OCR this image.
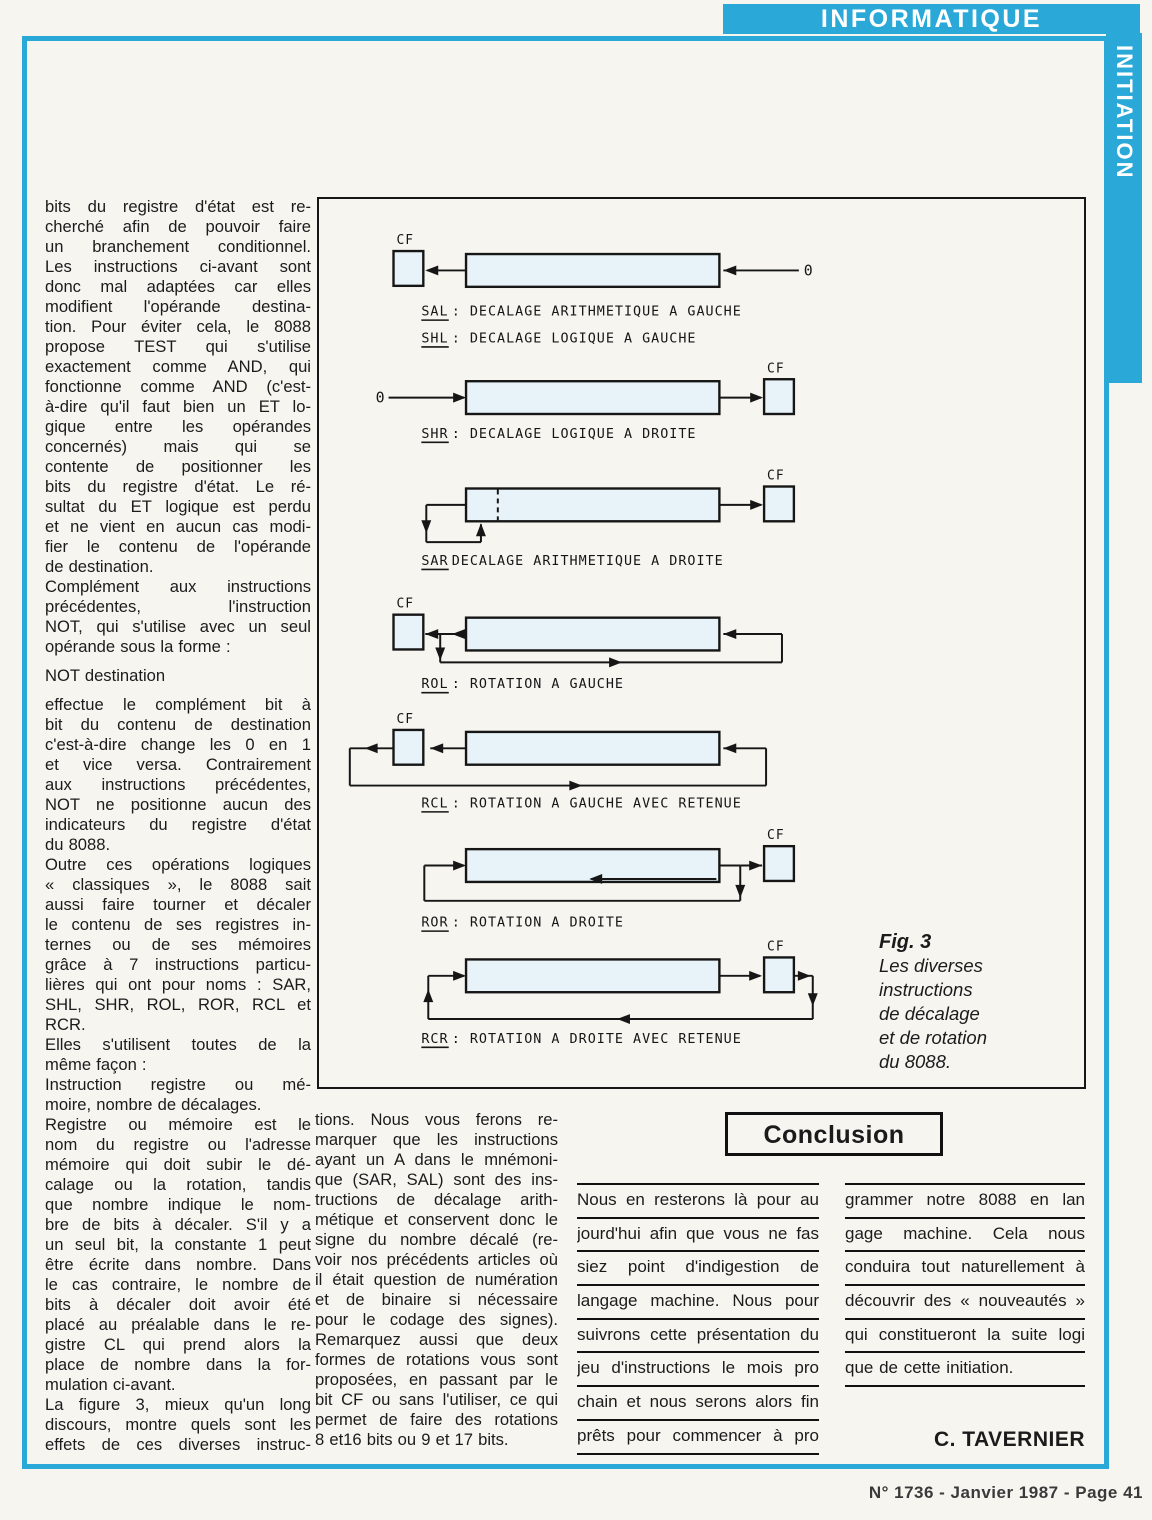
INFORMATIQUE
INITIATION
bits du registre d'état est re-
cherché afin de pouvoir faire
un branchement conditionnel.
Les instructions ci-avant sont
donc mal adaptées car elles
modifient l'opérande destina-
tion. Pour éviter cela, le 8088
propose TEST qui s'utilise
exactement comme AND, qui
fonctionne comme AND (c'est-
à-dire qu'il faut bien un ET lo-
gique entre les opérandes
concernés) mais qui se
contente de positionner les
bits du registre d'état. Le ré-
sultat du ET logique est perdu
et ne vient en aucun cas modi-
fier le contenu de l'opérande
de destination.
Complément aux instructions
précédentes, l'instruction
NOT, qui s'utilise avec un seul
opérande sous la forme :
NOT destination
effectue le complément bit à
bit du contenu de destination
c'est-à-dire change les 0 en 1
et vice versa. Contrairement
aux instructions précédentes,
NOT ne positionne aucun des
indicateurs du registre d'état
du 8088.
Outre ces opérations logiques
« classiques », le 8088 sait
aussi faire tourner et décaler
le contenu de ses registres in-
ternes ou de ses mémoires
grâce à 7 instructions particu-
lières qui ont pour noms : SAR,
SHL, SHR, ROL, ROR, RCL et
RCR.
Elles s'utilisent toutes de la
même façon :
Instruction registre ou mé-
moire, nombre de décalages.
Registre ou mémoire est le
nom du registre ou l'adresse
mémoire qui doit subir le dé-
calage ou la rotation, tandis
que nombre indique le nom-
bre de bits à décaler. S'il y a
un seul bit, la constante 1 peut
être écrite dans nombre. Dans
le cas contraire, le nombre de
bits à décaler doit avoir été
placé au préalable dans le re-
gistre CL qui prend alors la
place de nombre dans la for-
mulation ci-avant.
La figure 3, mieux qu'un long
discours, montre quels sont les
effets de ces diverses instruc-
CF
0
SAL : DECALAGE ARITHMETIQUE A GAUCHE
SHL : DECALAGE LOGIQUE A GAUCHE
0
CF
SHR : DECALAGE LOGIQUE A DROITE
CF
SAR DECALAGE ARITHMETIQUE A DROITE
CF
ROL : ROTATION A GAUCHE
CF
RCL : ROTATION A GAUCHE AVEC RETENUE
CF
ROR : ROTATION A DROITE
CF
RCR : ROTATION A DROITE AVEC RETENUE
Fig. 3
Les diverses
instructions
de décalage
et de rotation
du 8088.
tions. Nous vous ferons re-
marquer que les instructions
ayant un A dans le mnémoni-
que (SAR, SAL) sont des ins-
tructions de décalage arith-
métique et conservent donc le
signe du nombre décalé (re-
voir nos précédents articles où
il était question de numération
et de binaire si nécessaire
pour le codage des signes).
Remarquez aussi que deux
formes de rotations vous sont
proposées, en passant par le
bit CF ou sans l'utiliser, ce qui
permet de faire des rotations
8 et16 bits ou 9 et 17 bits.
Conclusion
Nous en resterons là pour au
jourd'hui afin que vous ne fas
siez point d'indigestion de
langage machine. Nous pour
suivrons cette présentation du
jeu d'instructions le mois pro
chain et nous serons alors fin
prêts pour commencer à pro
grammer notre 8088 en lan
gage machine. Cela nous
conduira tout naturellement à
découvrir des « nouveautés »
qui constitueront la suite logi
que de cette initiation.
C. TAVERNIER
N° 1736 - Janvier 1987 - Page 41
